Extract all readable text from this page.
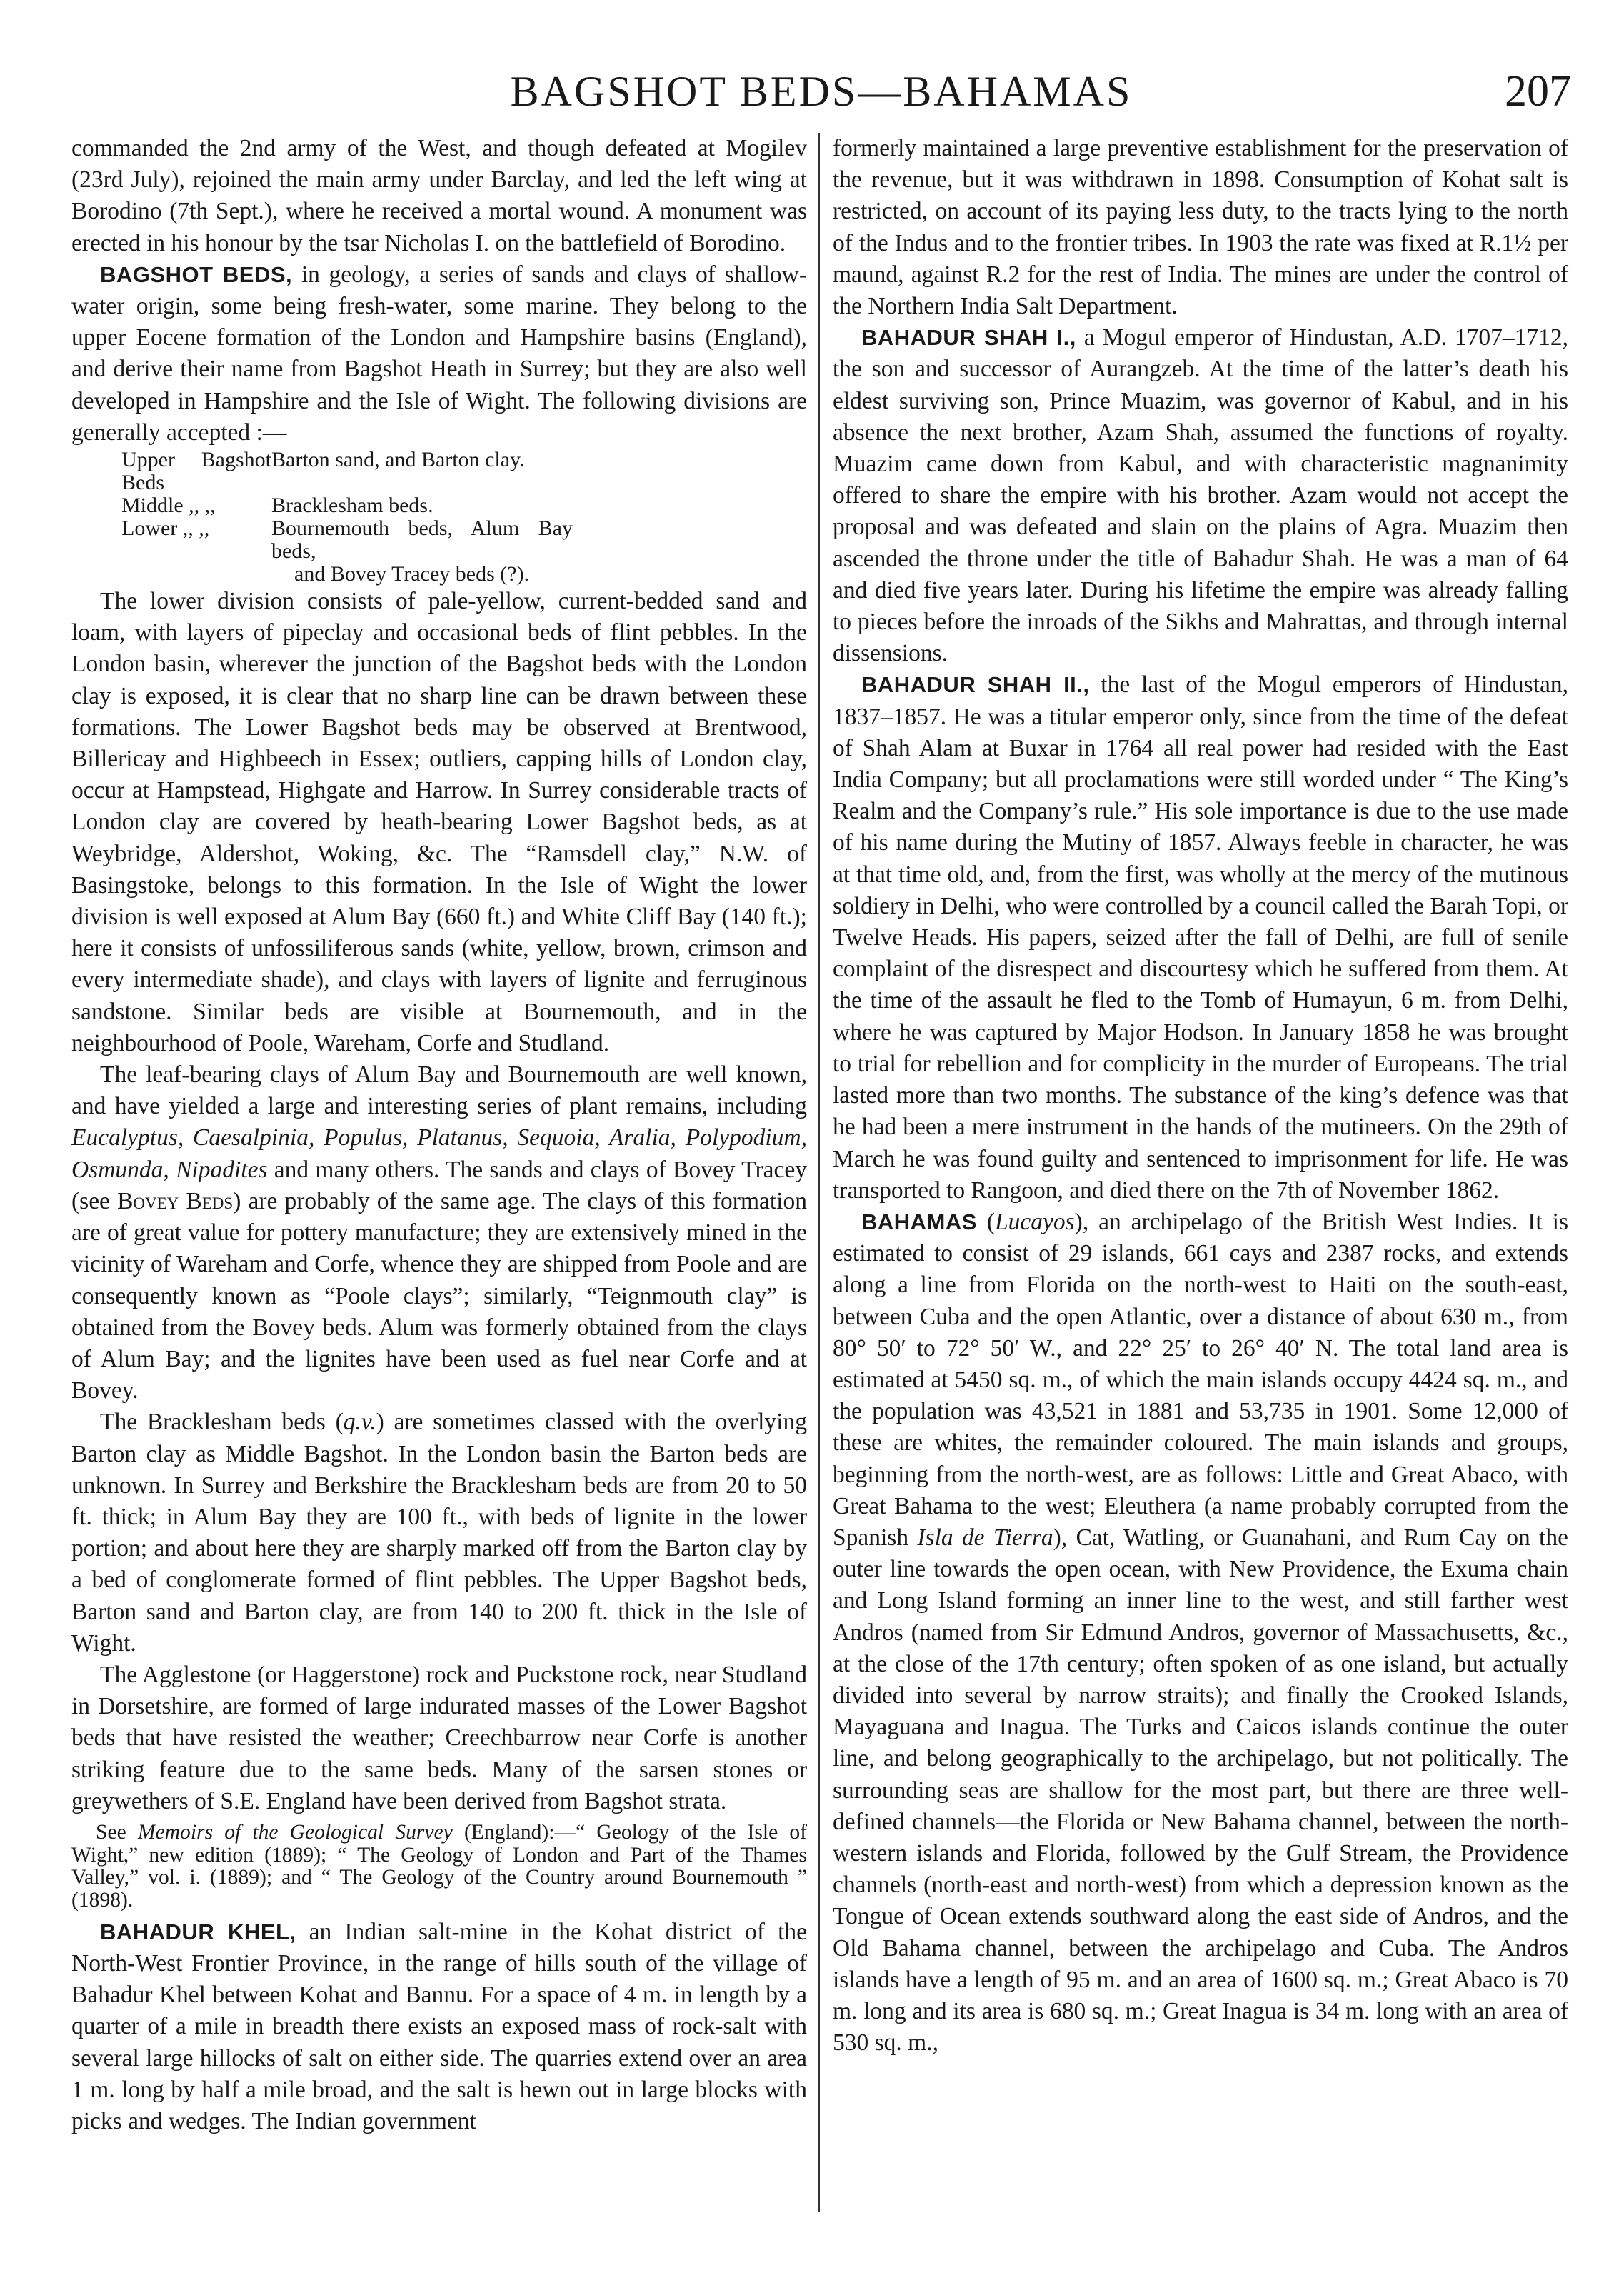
BAGSHOT BEDS—BAHAMAS	207

commanded the 2nd army of the West, and though defeated at Mogilev (23rd July), rejoined the main army under Barclay, and led the left wing at Borodino (7th Sept.), where he received a mortal wound. A monument was erected in his honour by the tsar Nicholas I. on the battlefield of Borodino.

BAGSHOT BEDS, in geology, a series of sands and clays of shallow-water origin, some being fresh-water, some marine. They belong to the upper Eocene formation of the London and Hampshire basins (England), and derive their name from Bagshot Heath in Surrey; but they are also well developed in Hampshire and the Isle of Wight. The following divisions are generally accepted :—

Upper Bagshot Beds	Barton sand, and Barton clay.
Middle ,, ,,	Bracklesham beds.
Lower ,, ,,	Bournemouth beds, Alum Bay beds,
	and Bovey Tracey beds (?).

The lower division consists of pale-yellow, current-bedded sand and loam, with layers of pipeclay and occasional beds of flint pebbles. In the London basin, wherever the junction of the Bagshot beds with the London clay is exposed, it is clear that no sharp line can be drawn between these formations. The Lower Bagshot beds may be observed at Brentwood, Billericay and Highbeech in Essex; outliers, capping hills of London clay, occur at Hampstead, Highgate and Harrow. In Surrey considerable tracts of London clay are covered by heath-bearing Lower Bagshot beds, as at Weybridge, Aldershot, Woking, &c. The “Ramsdell clay,” N.W. of Basingstoke, belongs to this formation. In the Isle of Wight the lower division is well exposed at Alum Bay (660 ft.) and White Cliff Bay (140 ft.); here it consists of unfossiliferous sands (white, yellow, brown, crimson and every intermediate shade), and clays with layers of lignite and ferruginous sandstone. Similar beds are visible at Bournemouth, and in the neighbourhood of Poole, Wareham, Corfe and Studland.

The leaf-bearing clays of Alum Bay and Bournemouth are well known, and have yielded a large and interesting series of plant remains, including Eucalyptus, Caesalpinia, Populus, Platanus, Sequoia, Aralia, Polypodium, Osmunda, Nipadites and many others. The sands and clays of Bovey Tracey (see Bovey Beds) are probably of the same age. The clays of this formation are of great value for pottery manufacture; they are extensively mined in the vicinity of Wareham and Corfe, whence they are shipped from Poole and are consequently known as “Poole clays”; similarly, “Teignmouth clay” is obtained from the Bovey beds. Alum was formerly obtained from the clays of Alum Bay; and the lignites have been used as fuel near Corfe and at Bovey.

The Bracklesham beds (q.v.) are sometimes classed with the overlying Barton clay as Middle Bagshot. In the London basin the Barton beds are unknown. In Surrey and Berkshire the Bracklesham beds are from 20 to 50 ft. thick; in Alum Bay they are 100 ft., with beds of lignite in the lower portion; and about here they are sharply marked off from the Barton clay by a bed of conglomerate formed of flint pebbles. The Upper Bagshot beds, Barton sand and Barton clay, are from 140 to 200 ft. thick in the Isle of Wight.

The Agglestone (or Haggerstone) rock and Puckstone rock, near Studland in Dorsetshire, are formed of large indurated masses of the Lower Bagshot beds that have resisted the weather; Creechbarrow near Corfe is another striking feature due to the same beds. Many of the sarsen stones or greywethers of S.E. England have been derived from Bagshot strata.

See Memoirs of the Geological Survey (England):—“ Geology of the Isle of Wight,” new edition (1889); “ The Geology of London and Part of the Thames Valley,” vol. i. (1889); and “ The Geology of the Country around Bournemouth ” (1898).

BAHADUR KHEL, an Indian salt-mine in the Kohat district of the North-West Frontier Province, in the range of hills south of the village of Bahadur Khel between Kohat and Bannu. For a space of 4 m. in length by a quarter of a mile in breadth there exists an exposed mass of rock-salt with several large hillocks of salt on either side. The quarries extend over an area 1 m. long by half a mile broad, and the salt is hewn out in large blocks with picks and wedges. The Indian government

formerly maintained a large preventive establishment for the preservation of the revenue, but it was withdrawn in 1898. Consumption of Kohat salt is restricted, on account of its paying less duty, to the tracts lying to the north of the Indus and to the frontier tribes. In 1903 the rate was fixed at R.1½ per maund, against R.2 for the rest of India. The mines are under the control of the Northern India Salt Department.

BAHADUR SHAH I., a Mogul emperor of Hindustan, A.D. 1707–1712, the son and successor of Aurangzeb. At the time of the latter’s death his eldest surviving son, Prince Muazim, was governor of Kabul, and in his absence the next brother, Azam Shah, assumed the functions of royalty. Muazim came down from Kabul, and with characteristic magnanimity offered to share the empire with his brother. Azam would not accept the proposal and was defeated and slain on the plains of Agra. Muazim then ascended the throne under the title of Bahadur Shah. He was a man of 64 and died five years later. During his lifetime the empire was already falling to pieces before the inroads of the Sikhs and Mahrattas, and through internal dissensions.

BAHADUR SHAH II., the last of the Mogul emperors of Hindustan, 1837–1857. He was a titular emperor only, since from the time of the defeat of Shah Alam at Buxar in 1764 all real power had resided with the East India Company; but all proclamations were still worded under “ The King’s Realm and the Company’s rule.” His sole importance is due to the use made of his name during the Mutiny of 1857. Always feeble in character, he was at that time old, and, from the first, was wholly at the mercy of the mutinous soldiery in Delhi, who were controlled by a council called the Barah Topi, or Twelve Heads. His papers, seized after the fall of Delhi, are full of senile complaint of the disrespect and discourtesy which he suffered from them. At the time of the assault he fled to the Tomb of Humayun, 6 m. from Delhi, where he was captured by Major Hodson. In January 1858 he was brought to trial for rebellion and for complicity in the murder of Europeans. The trial lasted more than two months. The substance of the king’s defence was that he had been a mere instrument in the hands of the mutineers. On the 29th of March he was found guilty and sentenced to imprisonment for life. He was transported to Rangoon, and died there on the 7th of November 1862.

BAHAMAS (Lucayos), an archipelago of the British West Indies. It is estimated to consist of 29 islands, 661 cays and 2387 rocks, and extends along a line from Florida on the north-west to Haiti on the south-east, between Cuba and the open Atlantic, over a distance of about 630 m., from 80° 50′ to 72° 50′ W., and 22° 25′ to 26° 40′ N. The total land area is estimated at 5450 sq. m., of which the main islands occupy 4424 sq. m., and the population was 43,521 in 1881 and 53,735 in 1901. Some 12,000 of these are whites, the remainder coloured. The main islands and groups, beginning from the north-west, are as follows: Little and Great Abaco, with Great Bahama to the west; Eleuthera (a name probably corrupted from the Spanish Isla de Tierra), Cat, Watling, or Guanahani, and Rum Cay on the outer line towards the open ocean, with New Providence, the Exuma chain and Long Island forming an inner line to the west, and still farther west Andros (named from Sir Edmund Andros, governor of Massachusetts, &c., at the close of the 17th century; often spoken of as one island, but actually divided into several by narrow straits); and finally the Crooked Islands, Mayaguana and Inagua. The Turks and Caicos islands continue the outer line, and belong geographically to the archipelago, but not politically. The surrounding seas are shallow for the most part, but there are three well-defined channels—the Florida or New Bahama channel, between the north-western islands and Florida, followed by the Gulf Stream, the Providence channels (north-east and north-west) from which a depression known as the Tongue of Ocean extends southward along the east side of Andros, and the Old Bahama channel, between the archipelago and Cuba. The Andros islands have a length of 95 m. and an area of 1600 sq. m.; Great Abaco is 70 m. long and its area is 680 sq. m.; Great Inagua is 34 m. long with an area of 530 sq. m.,
